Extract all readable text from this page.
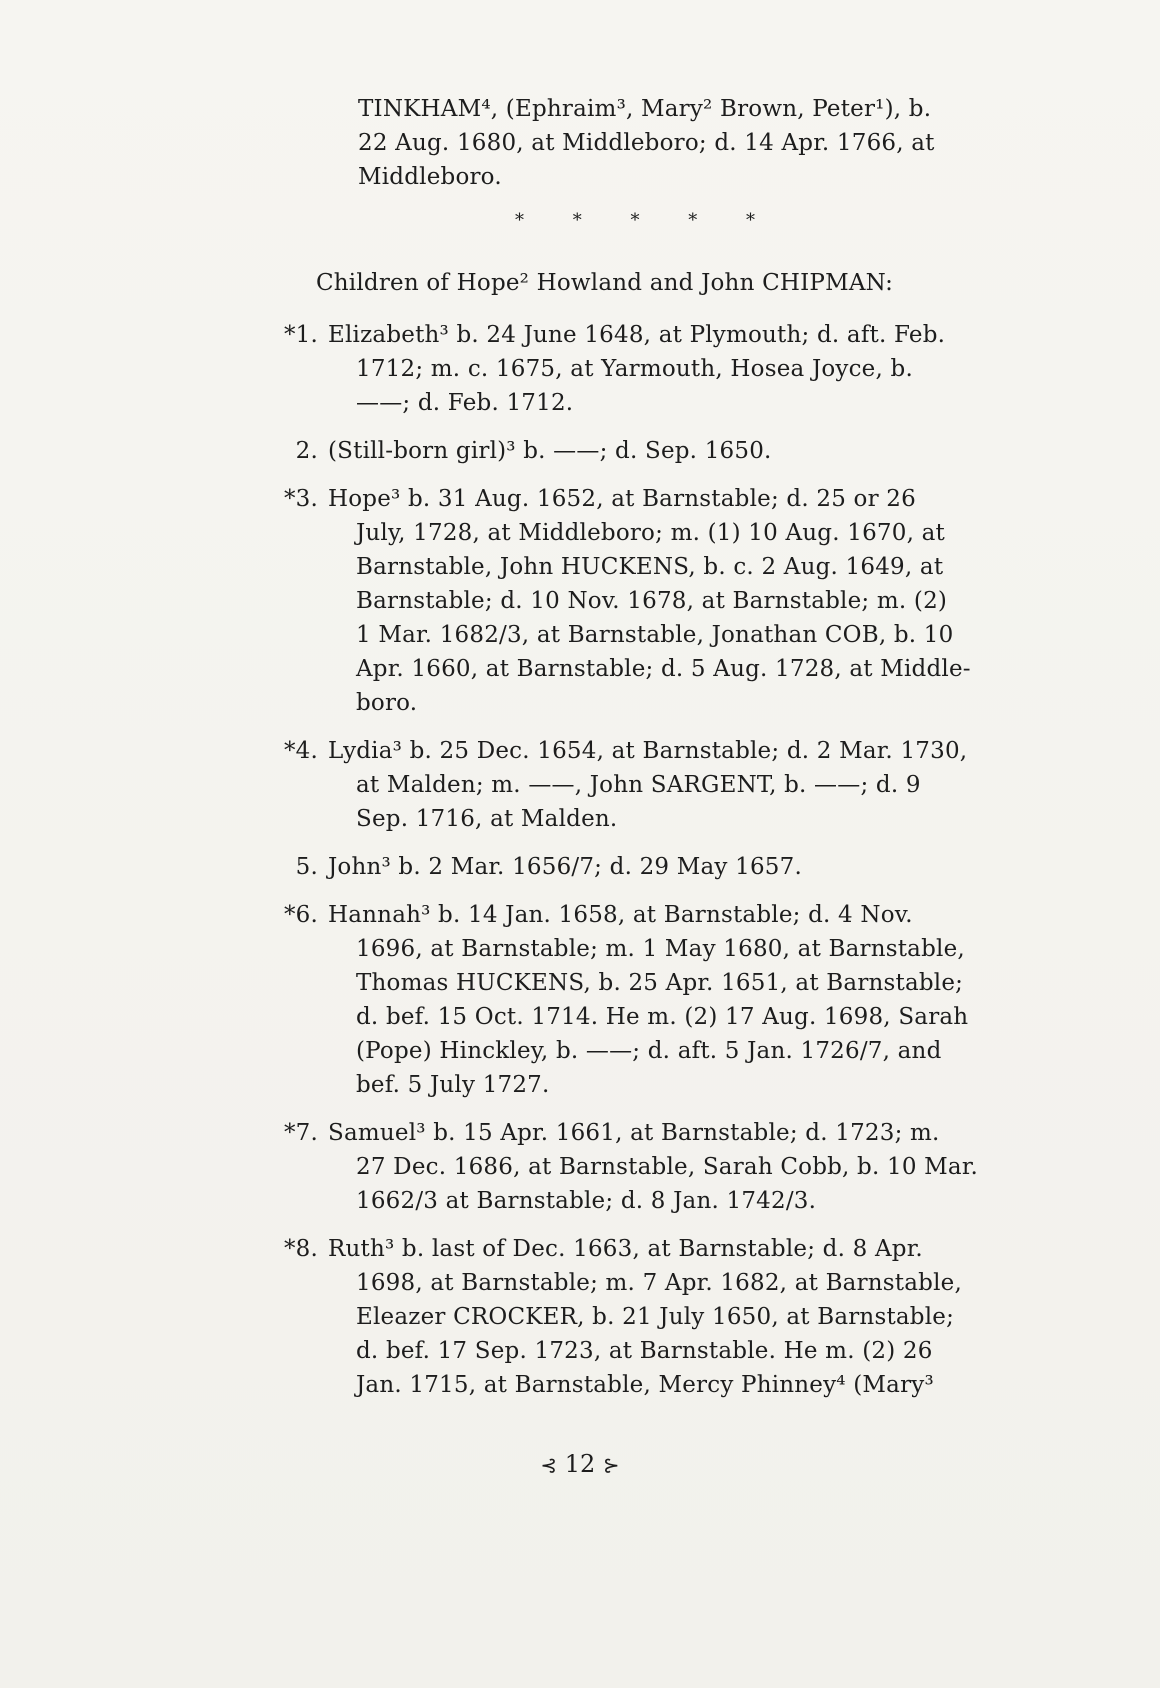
TINKHAM⁴, (Ephraim³, Mary² Brown, Peter¹), b.
22 Aug. 1680, at Middleboro; d. 14 Apr. 1766, at
Middleboro.
*	*	*	*	*
Children of Hope² Howland and John CHIPMAN:
*1. Elizabeth³ b. 24 June 1648, at Plymouth; d. aft. Feb.
1712; m. c. 1675, at Yarmouth, Hosea Joyce, b.
——; d. Feb. 1712.
2. (Still-born girl)³ b. ——; d. Sep. 1650.
*3. Hope³ b. 31 Aug. 1652, at Barnstable; d. 25 or 26
July, 1728, at Middleboro; m. (1) 10 Aug. 1670, at
Barnstable, John HUCKENS, b. c. 2 Aug. 1649, at
Barnstable; d. 10 Nov. 1678, at Barnstable; m. (2)
1 Mar. 1682/3, at Barnstable, Jonathan COB, b. 10
Apr. 1660, at Barnstable; d. 5 Aug. 1728, at Middle-
boro.
*4. Lydia³ b. 25 Dec. 1654, at Barnstable; d. 2 Mar. 1730,
at Malden; m. ——, John SARGENT, b. ——; d. 9
Sep. 1716, at Malden.
5. John³ b. 2 Mar. 1656/7; d. 29 May 1657.
*6. Hannah³ b. 14 Jan. 1658, at Barnstable; d. 4 Nov.
1696, at Barnstable; m. 1 May 1680, at Barnstable,
Thomas HUCKENS, b. 25 Apr. 1651, at Barnstable;
d. bef. 15 Oct. 1714. He m. (2) 17 Aug. 1698, Sarah
(Pope) Hinckley, b. ——; d. aft. 5 Jan. 1726/7, and
bef. 5 July 1727.
*7. Samuel³ b. 15 Apr. 1661, at Barnstable; d. 1723; m.
27 Dec. 1686, at Barnstable, Sarah Cobb, b. 10 Mar.
1662/3 at Barnstable; d. 8 Jan. 1742/3.
*8. Ruth³ b. last of Dec. 1663, at Barnstable; d. 8 Apr.
1698, at Barnstable; m. 7 Apr. 1682, at Barnstable,
Eleazer CROCKER, b. 21 July 1650, at Barnstable;
d. bef. 17 Sep. 1723, at Barnstable. He m. (2) 26
Jan. 1715, at Barnstable, Mercy Phinney⁴ (Mary³
⊰ 12 ⊱
